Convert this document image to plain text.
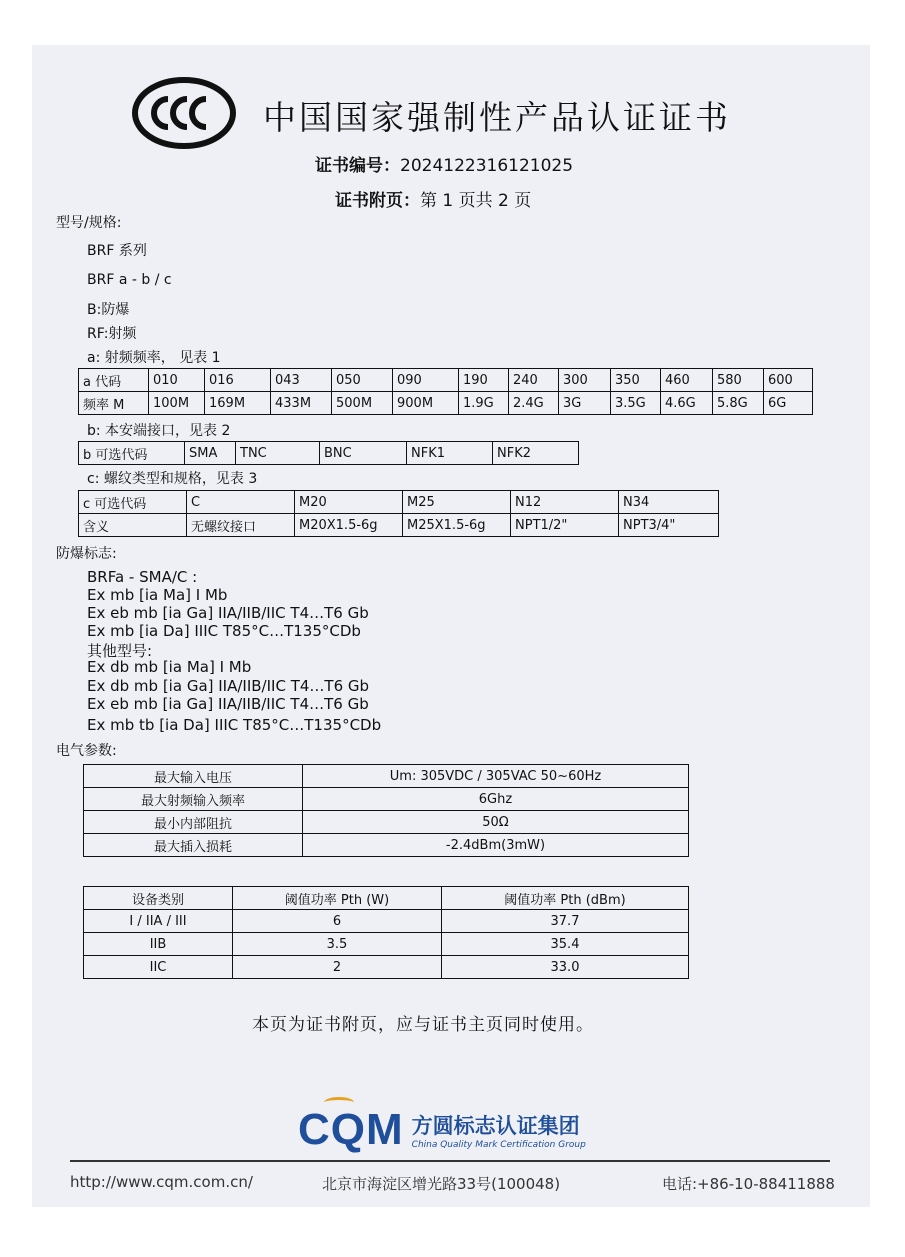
中国国家强制性产品认证证书
证书编号：2024122316121025
证书附页：第 1 页共 2 页
型号/规格:
BRF 系列
BRF a - b / c
B:防爆
RF:射频
a: 射频频率， 见表 1
a 代码	010	016	043	050	090	190	240	300	350	460	580	600
频率 M	100M	169M	433M	500M	900M	1.9G	2.4G	3G	3.5G	4.6G	5.8G	6G
b: 本安端接口，见表 2
b 可选代码	SMA	TNC	BNC	NFK1	NFK2
c: 螺纹类型和规格，见表 3
c 可选代码	C	M20	M25	N12	N34
含义	无螺纹接口	M20X1.5-6g	M25X1.5-6g	NPT1/2"	NPT3/4"
防爆标志:
BRFa - SMA/C :
Ex mb [ia Ma] I Mb
Ex eb mb [ia Ga] IIA/IIB/IIC T4…T6 Gb
Ex mb [ia Da] IIIC T85°C…T135°CDb
其他型号:
Ex db mb [ia Ma] I Mb
Ex db mb [ia Ga] IIA/IIB/IIC T4…T6 Gb
Ex eb mb [ia Ga] IIA/IIB/IIC T4…T6 Gb
Ex mb tb [ia Da] IIIC T85°C…T135°CDb
电气参数:
最大输入电压	Um: 305VDC / 305VAC 50~60Hz
最大射频输入频率	6Ghz
最小内部阻抗	50Ω
最大插入损耗	-2.4dBm(3mW)
设备类别	阈值功率 Pth (W)	阈值功率 Pth (dBm)
I / IIA / III	6	37.7
IIB	3.5	35.4
IIC	2	33.0
本页为证书附页，应与证书主页同时使用。
CQM 方圆标志认证集团
China Quality Mark Certification Group
http://www.cqm.com.cn/	北京市海淀区增光路33号(100048)	电话:+86-10-88411888
